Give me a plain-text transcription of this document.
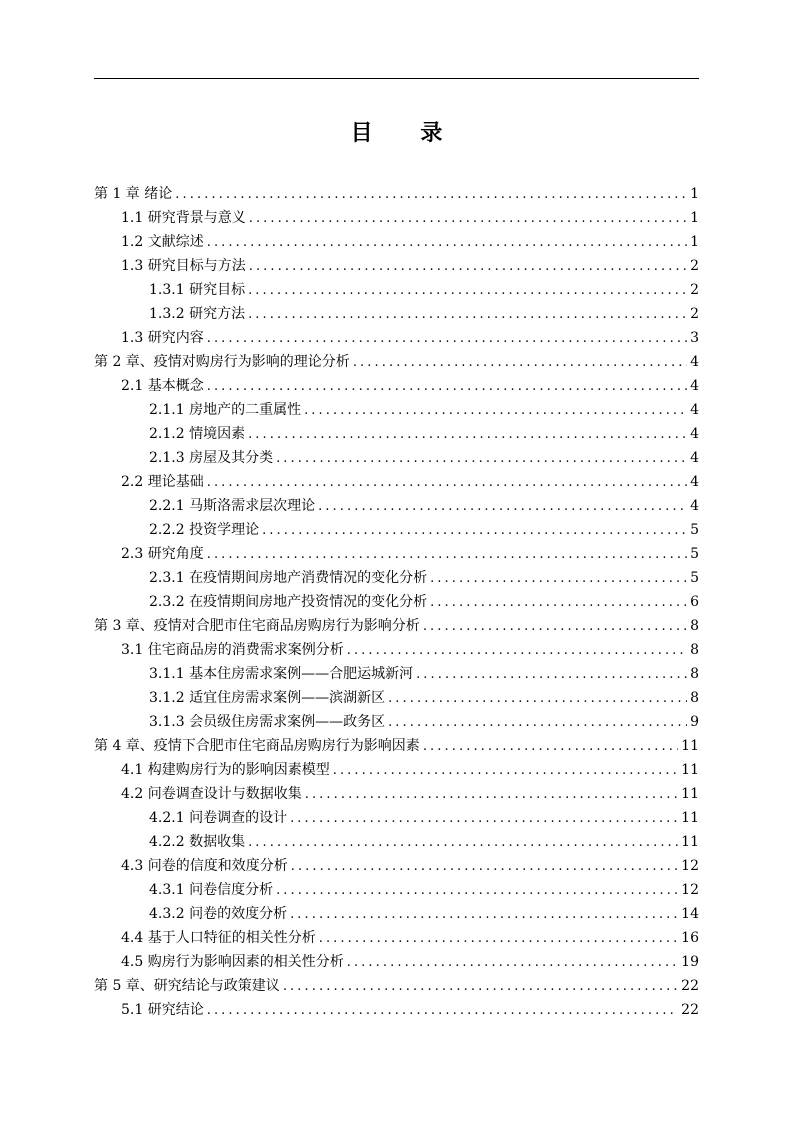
目 录
第 1 章 绪论 .....	1
1.1 研究背景与意义 .....	1
1.2 文献综述 .....	1
1.3 研究目标与方法 .....	2
1.3.1 研究目标 .....	2
1.3.2 研究方法 .....	2
1.3 研究内容 .....	3
第 2 章、疫情对购房行为影响的理论分析 .....	4
2.1 基本概念 .....	4
2.1.1 房地产的二重属性 .....	4
2.1.2 情境因素 .....	4
2.1.3 房屋及其分类 .....	4
2.2 理论基础 .....	4
2.2.1 马斯洛需求层次理论 .....	4
2.2.2 投资学理论 .....	5
2.3 研究角度 .....	5
2.3.1 在疫情期间房地产消费情况的变化分析 .....	5
2.3.2 在疫情期间房地产投资情况的变化分析 .....	6
第 3 章、疫情对合肥市住宅商品房购房行为影响分析 .....	8
3.1 住宅商品房的消费需求案例分析 .....	8
3.1.1 基本住房需求案例——合肥运城新河 .....	8
3.1.2 适宜住房需求案例——滨湖新区 .....	8
3.1.3 会员级住房需求案例——政务区 .....	9
第 4 章、疫情下合肥市住宅商品房购房行为影响因素 .....	11
4.1 构建购房行为的影响因素模型 .....	11
4.2 问卷调查设计与数据收集 .....	11
4.2.1 问卷调查的设计 .....	11
4.2.2 数据收集 .....	11
4.3 问卷的信度和效度分析 .....	12
4.3.1 问卷信度分析 .....	12
4.3.2 问卷的效度分析 .....	14
4.4 基于人口特征的相关性分析 .....	16
4.5 购房行为影响因素的相关性分析 .....	19
第 5 章、研究结论与政策建议 .....	22
5.1 研究结论 .....	22
